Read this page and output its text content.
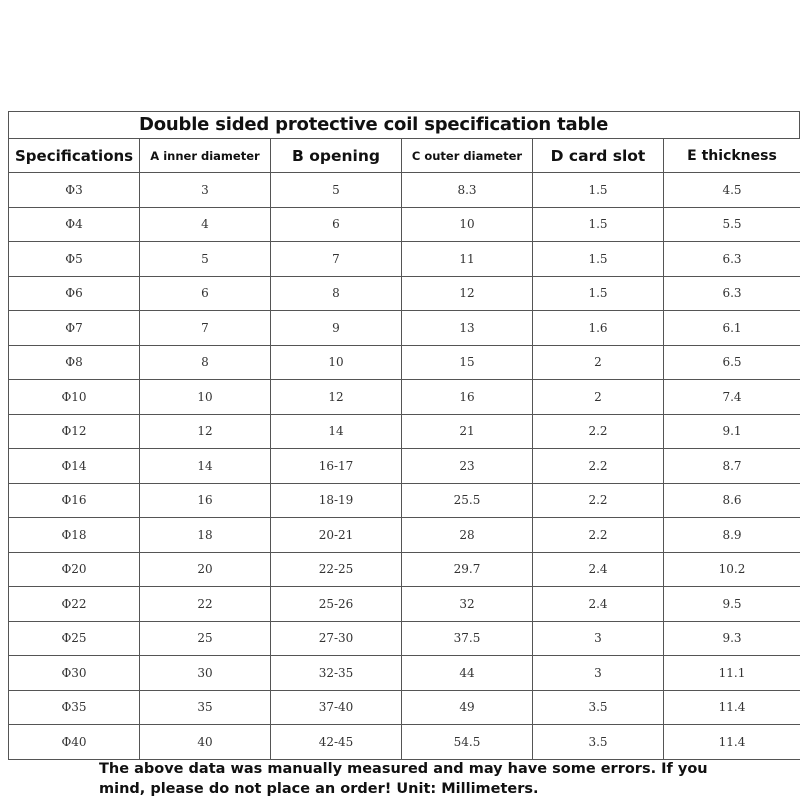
Double sided protective coil specification table
Specifications	A inner diameter	B opening	C outer diameter	D card slot	E thickness
Φ3	3	5	8.3	1.5	4.5
Φ4	4	6	10	1.5	5.5
Φ5	5	7	11	1.5	6.3
Φ6	6	8	12	1.5	6.3
Φ7	7	9	13	1.6	6.1
Φ8	8	10	15	2	6.5
Φ10	10	12	16	2	7.4
Φ12	12	14	21	2.2	9.1
Φ14	14	16-17	23	2.2	8.7
Φ16	16	18-19	25.5	2.2	8.6
Φ18	18	20-21	28	2.2	8.9
Φ20	20	22-25	29.7	2.4	10.2
Φ22	22	25-26	32	2.4	9.5
Φ25	25	27-30	37.5	3	9.3
Φ30	30	32-35	44	3	11.1
Φ35	35	37-40	49	3.5	11.4
Φ40	40	42-45	54.5	3.5	11.4
The above data was manually measured and may have some errors. If you mind, please do not place an order! Unit: Millimeters.
